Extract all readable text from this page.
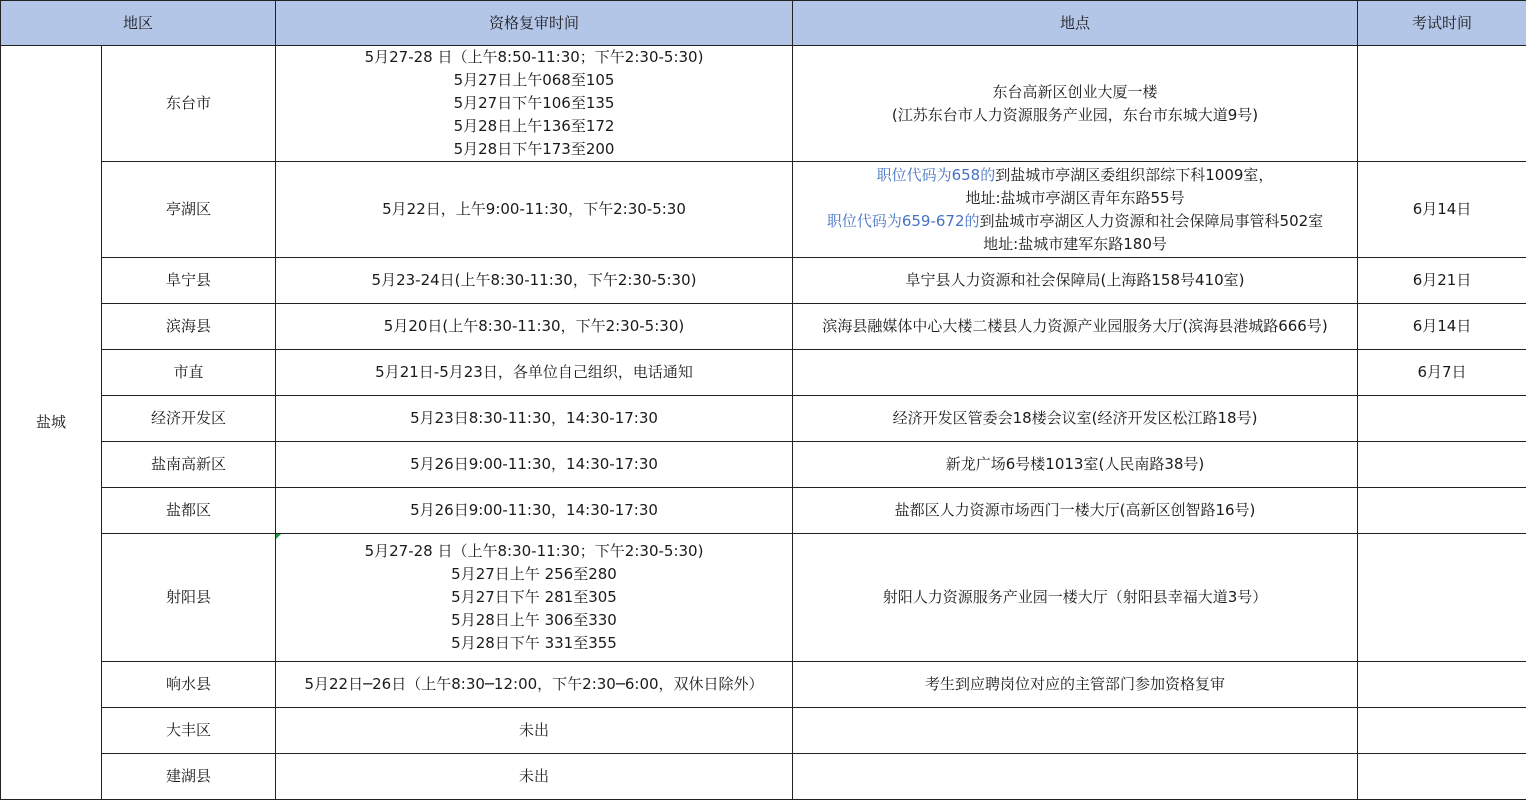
地区		资格复审时间	地点	考试时间
盐城	东台市	5月27-28 日（上午8:50-11:30；下午2:30-5:30)
5月27日上午068至105
5月27日下午106至135
5月28日上午136至172
5月28日下午173至200	东台高新区创业大厦一楼
(江苏东台市人力资源服务产业园，东台市东城大道9号)	

	亭湖区	5月22日，上午9:00-11:30，下午2:30-5:30	职位代码为658的到盐城市亭湖区委组织部综下科1009室，
地址:盐城市亭湖区青年东路55号
职位代码为659-672的到盐城市亭湖区人力资源和社会保障局事管科502室
地址:盐城市建军东路180号	6月14日
	阜宁县	5月23-24日(上午8:30-11:30，下午2:30-5:30)	阜宁县人力资源和社会保障局(上海路158号410室)	6月21日
	滨海县	5月20日(上午8:30-11:30，下午2:30-5:30)	滨海县融媒体中心大楼二楼县人力资源产业园服务大厅(滨海县港城路666号)	6月14日
	市直	5月21日-5月23日，各单位自己组织，电话通知		6月7日
	经济开发区	5月23日8:30-11:30，14:30-17:30	经济开发区管委会18楼会议室(经济开发区松江路18号)	
	盐南高新区	5月26日9:00-11:30，14:30-17:30	新龙广场6号楼1013室(人民南路38号)	
	盐都区	5月26日9:00-11:30，14:30-17:30	盐都区人力资源市场西门一楼大厅(高新区创智路16号)	
	射阳县	5月27-28 日（上午8:30-11:30；下午2:30-5:30)
5月27日上午 256至280
5月27日下午 281至305
5月28日上午 306至330
5月28日下午 331至355	射阳人力资源服务产业园一楼大厅（射阳县幸福大道3号）	
	响水县	5月22日─26日（上午8:30─12:00，下午2:30─6:00，双休日除外）	考生到应聘岗位对应的主管部门参加资格复审	
	大丰区	未出		
	建湖县	未出		
